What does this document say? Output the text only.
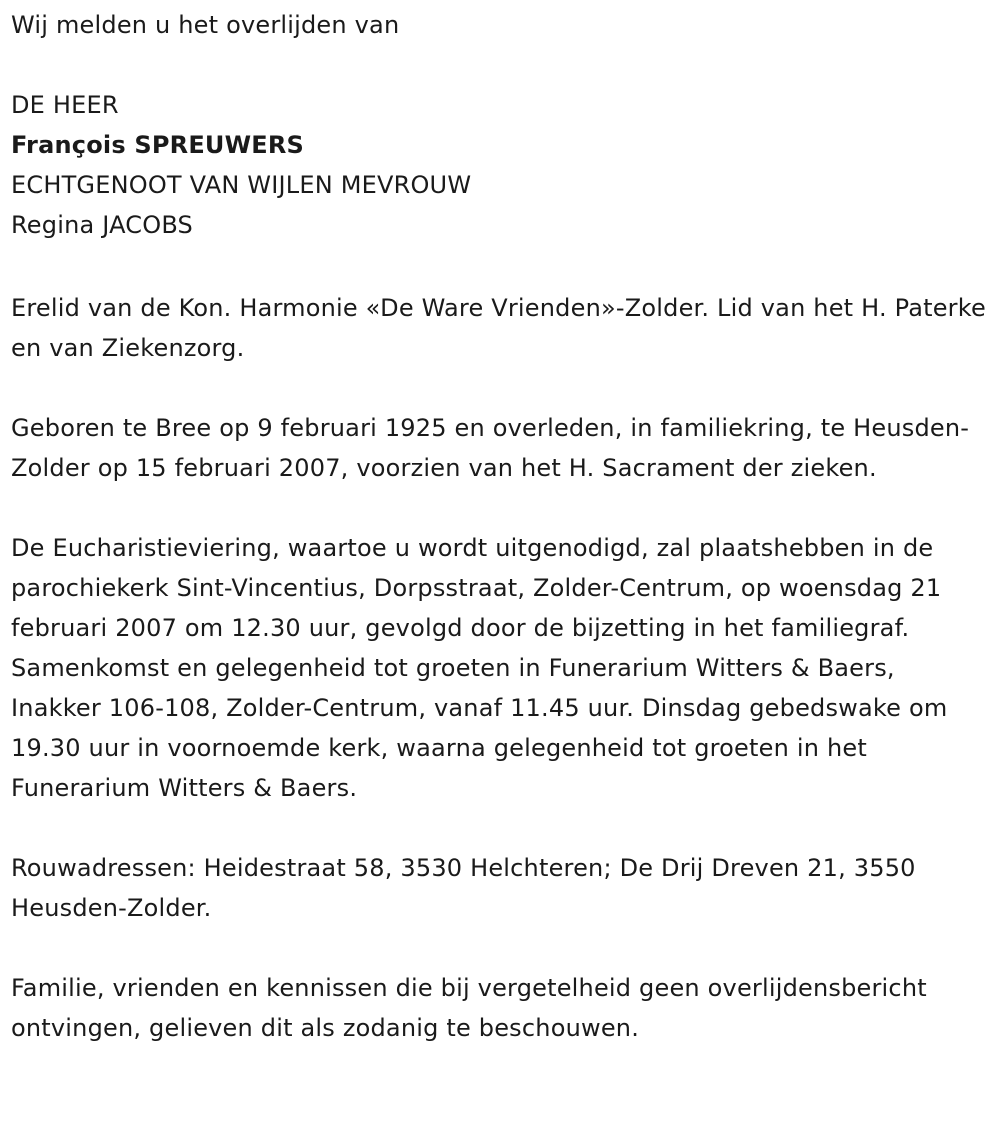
Wij melden u het overlijden van
DE HEER
François SPREUWERS
ECHTGENOOT VAN WIJLEN MEVROUW
Regina JACOBS
Erelid van de Kon. Harmonie «De Ware Vrienden»-Zolder. Lid van het H. Paterke en van Ziekenzorg.
Geboren te Bree op 9 februari 1925 en overleden, in familiekring, te Heusden-Zolder op 15 februari 2007, voorzien van het H. Sacrament der zieken.
De Eucharistieviering, waartoe u wordt uitgenodigd, zal plaatshebben in de parochiekerk Sint-Vincentius, Dorpsstraat, Zolder-Centrum, op woensdag 21 februari 2007 om 12.30 uur, gevolgd door de bijzetting in het familiegraf. Samenkomst en gelegenheid tot groeten in Funerarium Witters & Baers, Inakker 106-108, Zolder-Centrum, vanaf 11.45 uur. Dinsdag gebedswake om 19.30 uur in voornoemde kerk, waarna gelegenheid tot groeten in het Funerarium Witters & Baers.
Rouwadressen: Heidestraat 58, 3530 Helchteren; De Drij Dreven 21, 3550 Heusden-Zolder.
Familie, vrienden en kennissen die bij vergetelheid geen overlijdensbericht ontvingen, gelieven dit als zodanig te beschouwen.
